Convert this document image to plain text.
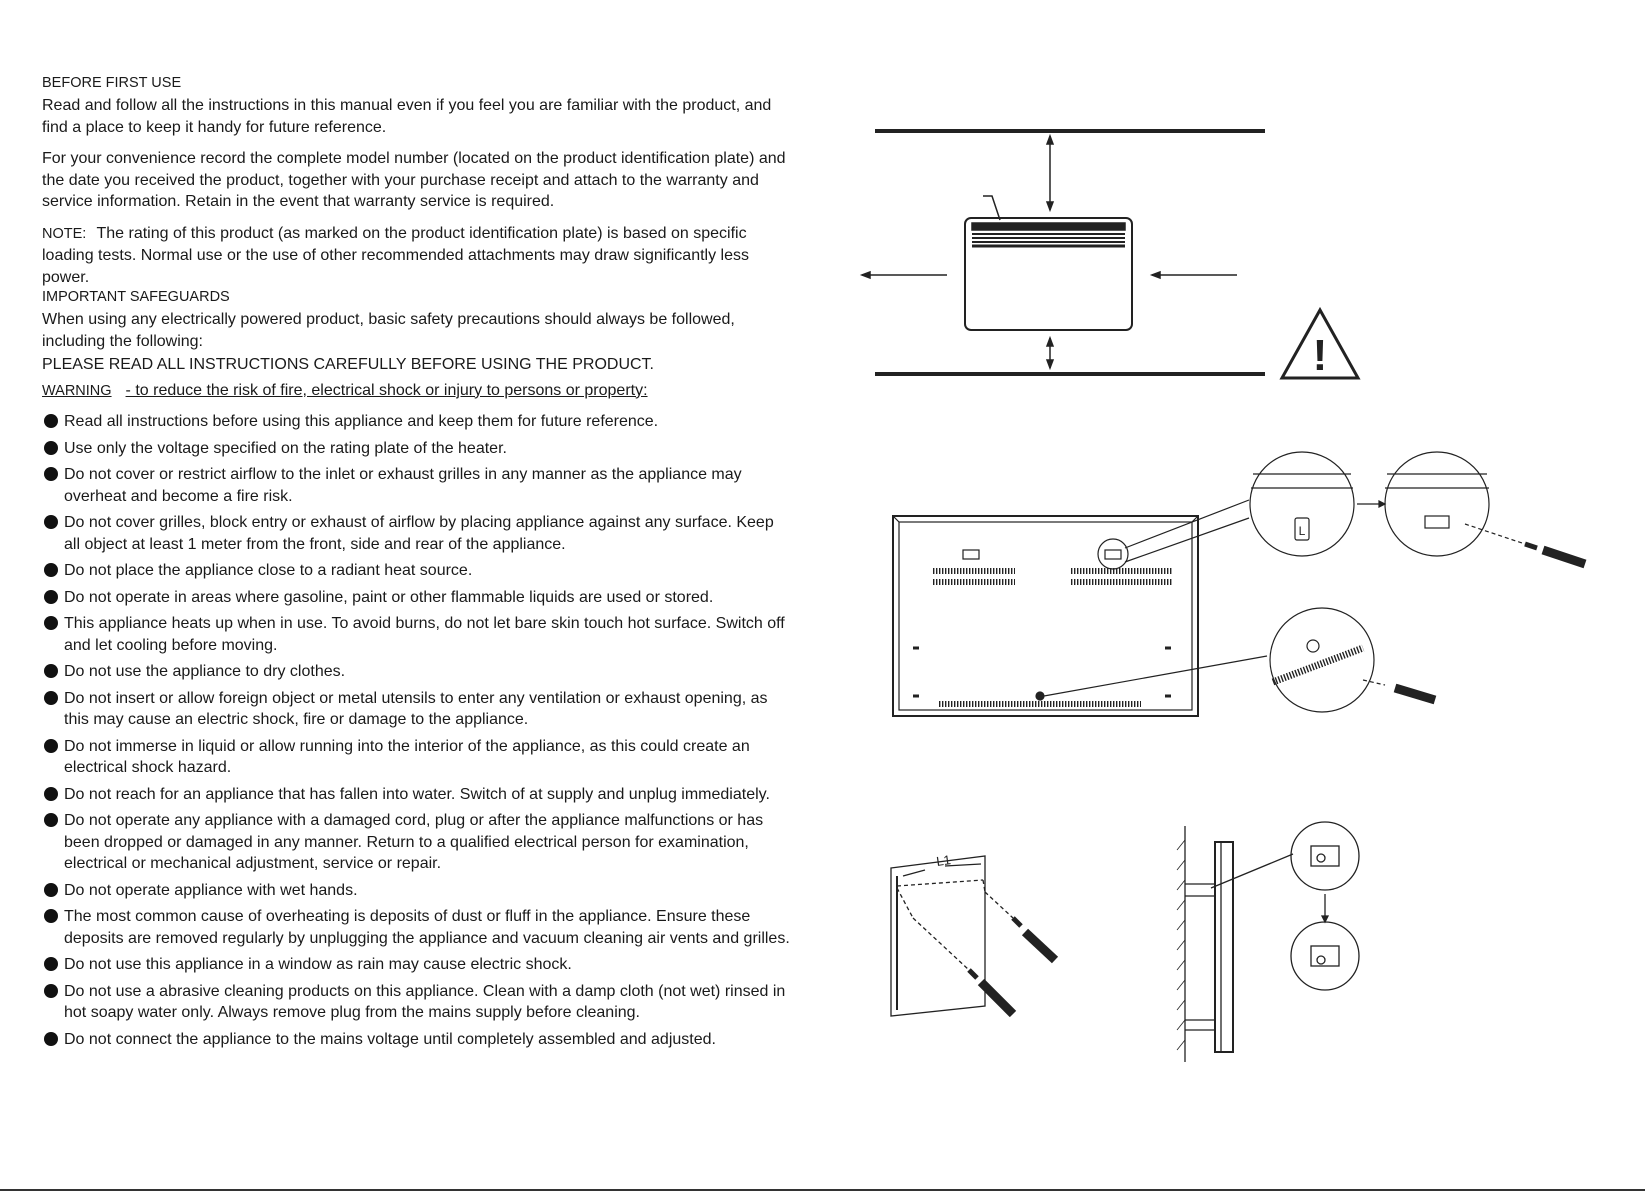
BEFORE FIRST USE

Read and follow all the instructions in this manual even if you feel you are familiar with the product, and find a place to keep it handy for future reference.

For your convenience record the complete model number (located on the product identification plate) and the date you received the product, together with your purchase receipt and attach to the warranty and service information. Retain in the event that warranty service is required.

NOTE: The rating of this product (as marked on the product identification plate) is based on specific loading tests. Normal use or the use of other recommended attachments may draw significantly less power.

IMPORTANT SAFEGUARDS

When using any electrically powered product, basic safety precautions should always be followed, including the following:

PLEASE READ ALL INSTRUCTIONS CAREFULLY BEFORE USING THE PRODUCT.

WARNING - to reduce the risk of fire, electrical shock or injury to persons or property:

Read all instructions before using this appliance and keep them for future reference.
Use only the voltage specified on the rating plate of the heater.
Do not cover or restrict airflow to the inlet or exhaust grilles in any manner as the appliance may overheat and become a fire risk.
Do not cover grilles, block entry or exhaust of airflow by placing appliance against any surface. Keep all object at least 1 meter from the front, side and rear of the appliance.
Do not place the appliance close to a radiant heat source.
Do not operate in areas where gasoline, paint or other flammable liquids are used or stored.
This appliance heats up when in use. To avoid burns, do not let bare skin touch hot surface. Switch off and let cooling before moving.
Do not use the appliance to dry clothes.
Do not insert or allow foreign object or metal utensils to enter any ventilation or exhaust opening, as this may cause an electric shock, fire or damage to the appliance.
Do not immerse in liquid or allow running into the interior of the appliance, as this could create an electrical shock hazard.
Do not reach for an appliance that has fallen into water. Switch of at supply and unplug immediately.
Do not operate any appliance with a damaged cord, plug or after the appliance malfunctions or has been dropped or damaged in any manner. Return to a qualified electrical person for examination, electrical or mechanical adjustment, service or repair.
Do not operate appliance with wet hands.
The most common cause of overheating is deposits of dust or fluff in the appliance. Ensure these deposits are removed regularly by unplugging the appliance and vacuum cleaning air vents and grilles.
Do not use this appliance in a window as rain may cause electric shock.
Do not use a abrasive cleaning products on this appliance. Clean with a damp cloth (not wet) rinsed in hot soapy water only. Always remove plug from the mains supply before cleaning.
Do not connect the appliance to the mains voltage until completely assembled and adjusted.
!
L
L1
